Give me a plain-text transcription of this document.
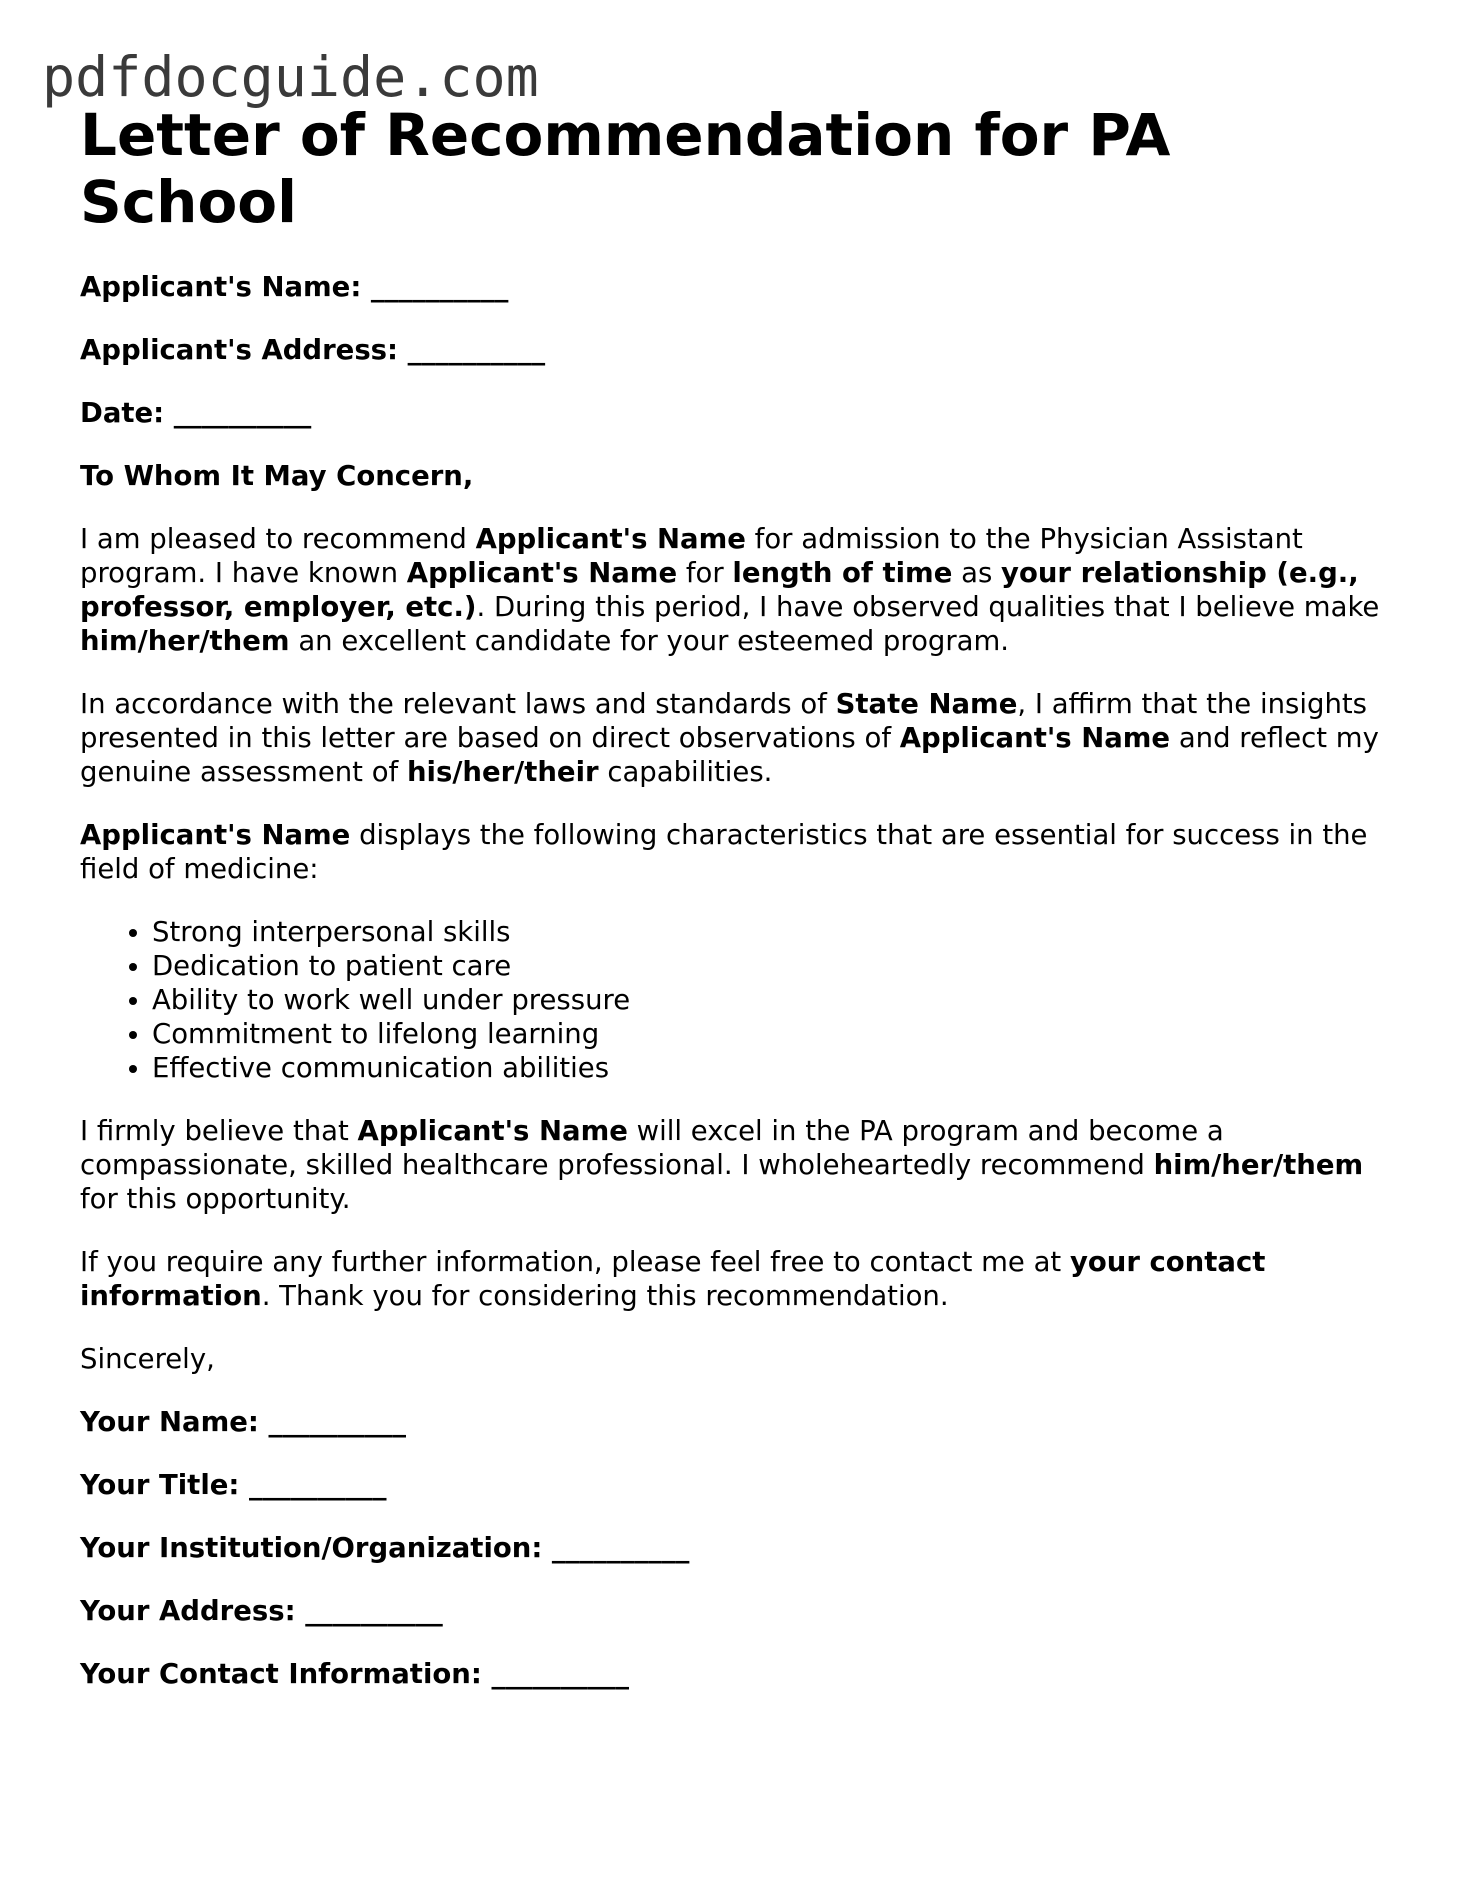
pdfdocguide.com
Letter of Recommendation for PA School

Applicant's Name: __________

Applicant's Address: __________

Date: __________

To Whom It May Concern,

I am pleased to recommend Applicant's Name for admission to the Physician Assistant program. I have known Applicant's Name for length of time as your relationship (e.g., professor, employer, etc.). During this period, I have observed qualities that I believe make him/her/them an excellent candidate for your esteemed program.

In accordance with the relevant laws and standards of State Name, I affirm that the insights presented in this letter are based on direct observations of Applicant's Name and reflect my genuine assessment of his/her/their capabilities.

Applicant's Name displays the following characteristics that are essential for success in the field of medicine:

• Strong interpersonal skills
• Dedication to patient care
• Ability to work well under pressure
• Commitment to lifelong learning
• Effective communication abilities

I firmly believe that Applicant's Name will excel in the PA program and become a compassionate, skilled healthcare professional. I wholeheartedly recommend him/her/them for this opportunity.

If you require any further information, please feel free to contact me at your contact information. Thank you for considering this recommendation.

Sincerely,

Your Name: __________

Your Title: __________

Your Institution/Organization: __________

Your Address: __________

Your Contact Information: __________
